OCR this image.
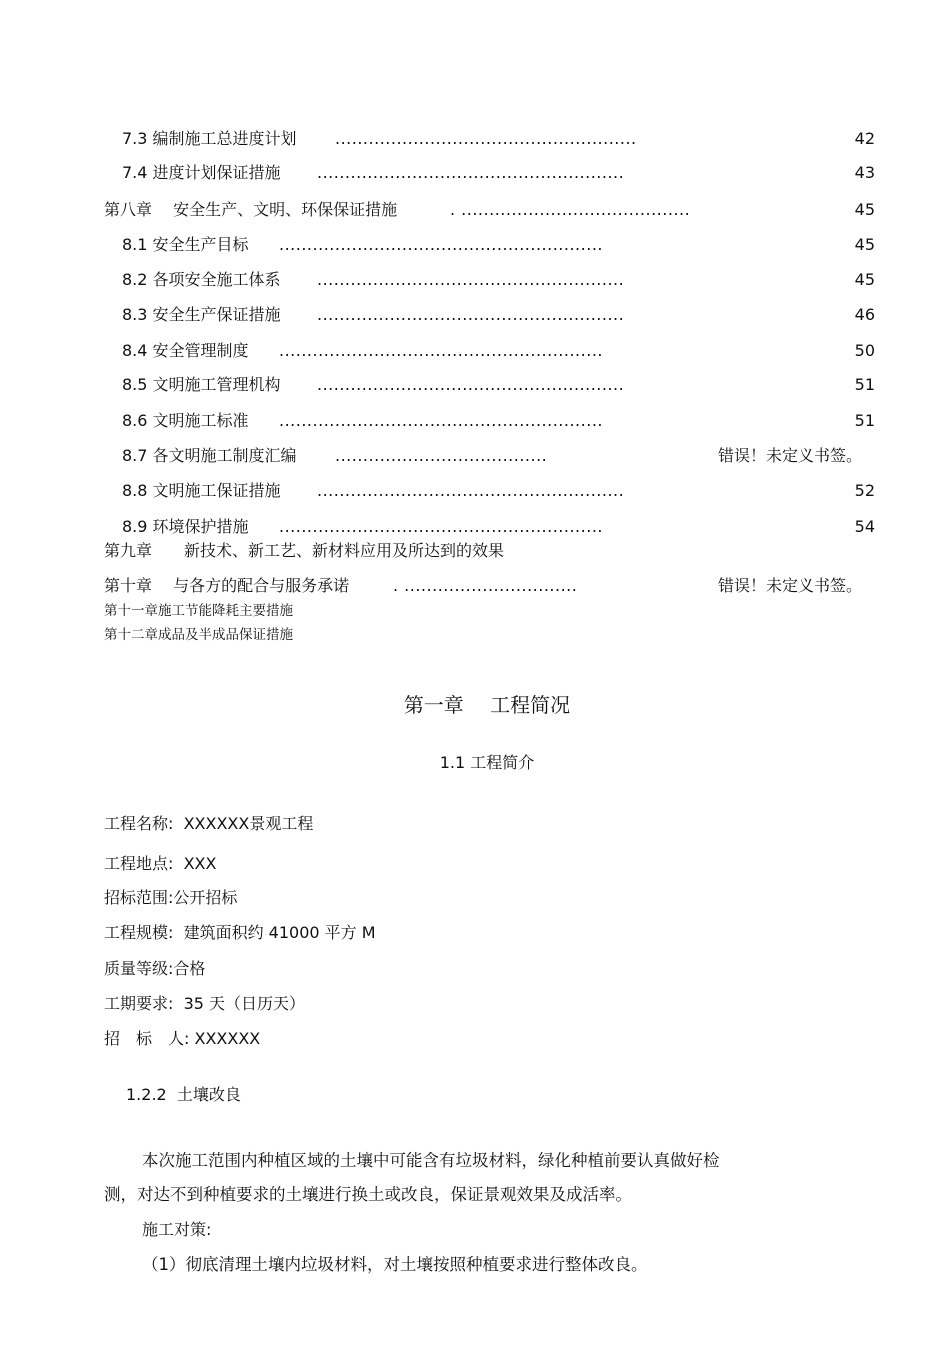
7.3 编制施工总进度计划 ......................................................	42
7.4 进度计划保证措施 .......................................................	43
第八章　 安全生产、文明、环保保证措施	. .........................................	45
8.1 安全生产目标 ..........................................................	45
8.2 各项安全施工体系 .......................................................	45
8.3 安全生产保证措施 .......................................................	46
8.4 安全管理制度 ..........................................................	50
8.5 文明施工管理机构 .......................................................	51
8.6 文明施工标准 ..........................................................	51
8.7 各文明施工制度汇编 ......................................	错误！未定义书签。
8.8 文明施工保证措施 .......................................................	52
8.9 环境保护措施 ..........................................................	54
第九章　　新技术、新工艺、新材料应用及所达到的效果
第十章　 与各方的配合与服务承诺	. ...............................	错误！未定义书签。
第十一章施工节能降耗主要措施
第十二章成品及半成品保证措施
第一章　 工程简况
1.1 工程简介
工程名称: XXXXXX景观工程
工程地点: XXX
招标范围:公开招标
工程规模: 建筑面积约 41000 平方 M
质量等级:合格
工期要求: 35 天（日历天）
招　标　人: XXXXXX
1.2.2 土壤改良
本次施工范围内种植区域的土壤中可能含有垃圾材料，绿化种植前要认真做好检
测，对达不到种植要求的土壤进行换土或改良，保证景观效果及成活率。
施工对策:
（1）彻底清理土壤内垃圾材料，对土壤按照种植要求进行整体改良。
